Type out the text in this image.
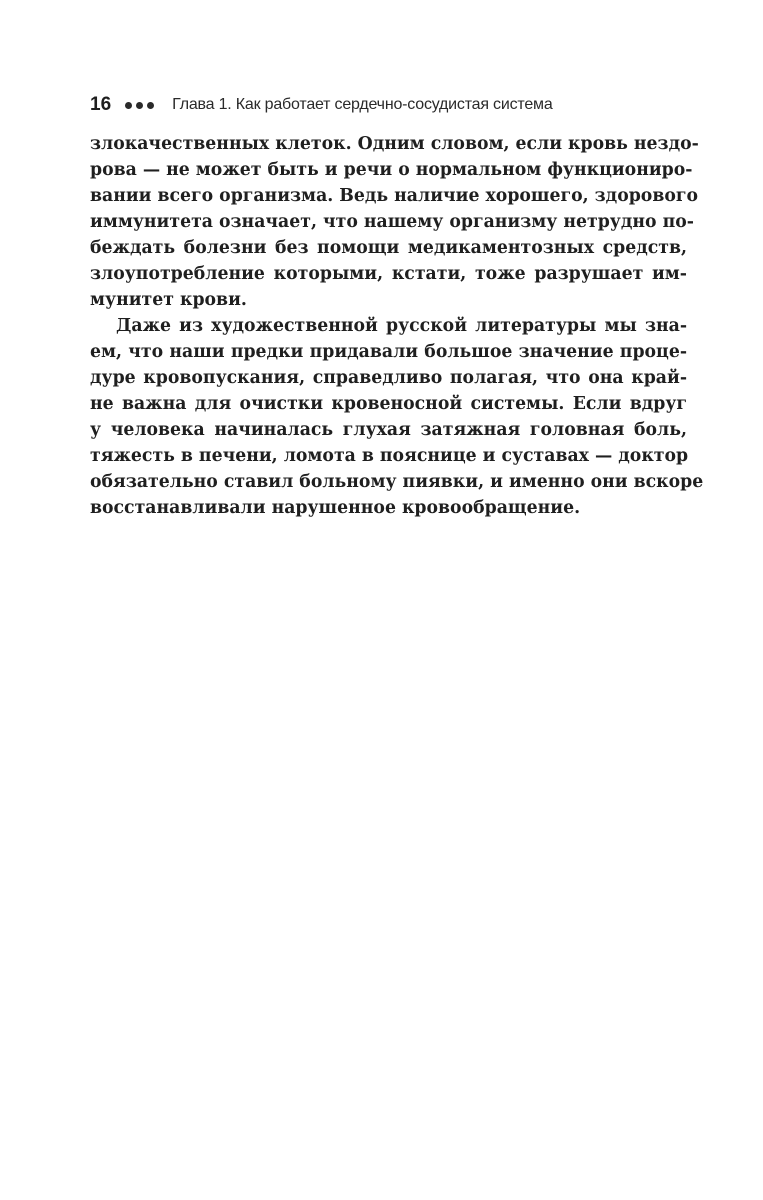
16	Глава 1. Как работает сердечно-сосудистая система
злокачественных клеток. Одним словом, если кровь нездо-
рова — не может быть и речи о нормальном функциониро-
вании всего организма. Ведь наличие хорошего, здорового
иммунитета означает, что нашему организму нетрудно по-
беждать болезни без помощи медикаментозных средств,
злоупотребление которыми, кстати, тоже разрушает им-
мунитет крови.
Даже из художественной русской литературы мы зна-
ем, что наши предки придавали большое значение проце-
дуре кровопускания, справедливо полагая, что она край-
не важна для очистки кровеносной системы. Если вдруг
у человека начиналась глухая затяжная головная боль,
тяжесть в печени, ломота в пояснице и суставах — доктор
обязательно ставил больному пиявки, и именно они вскоре
восстанавливали нарушенное кровообращение.
